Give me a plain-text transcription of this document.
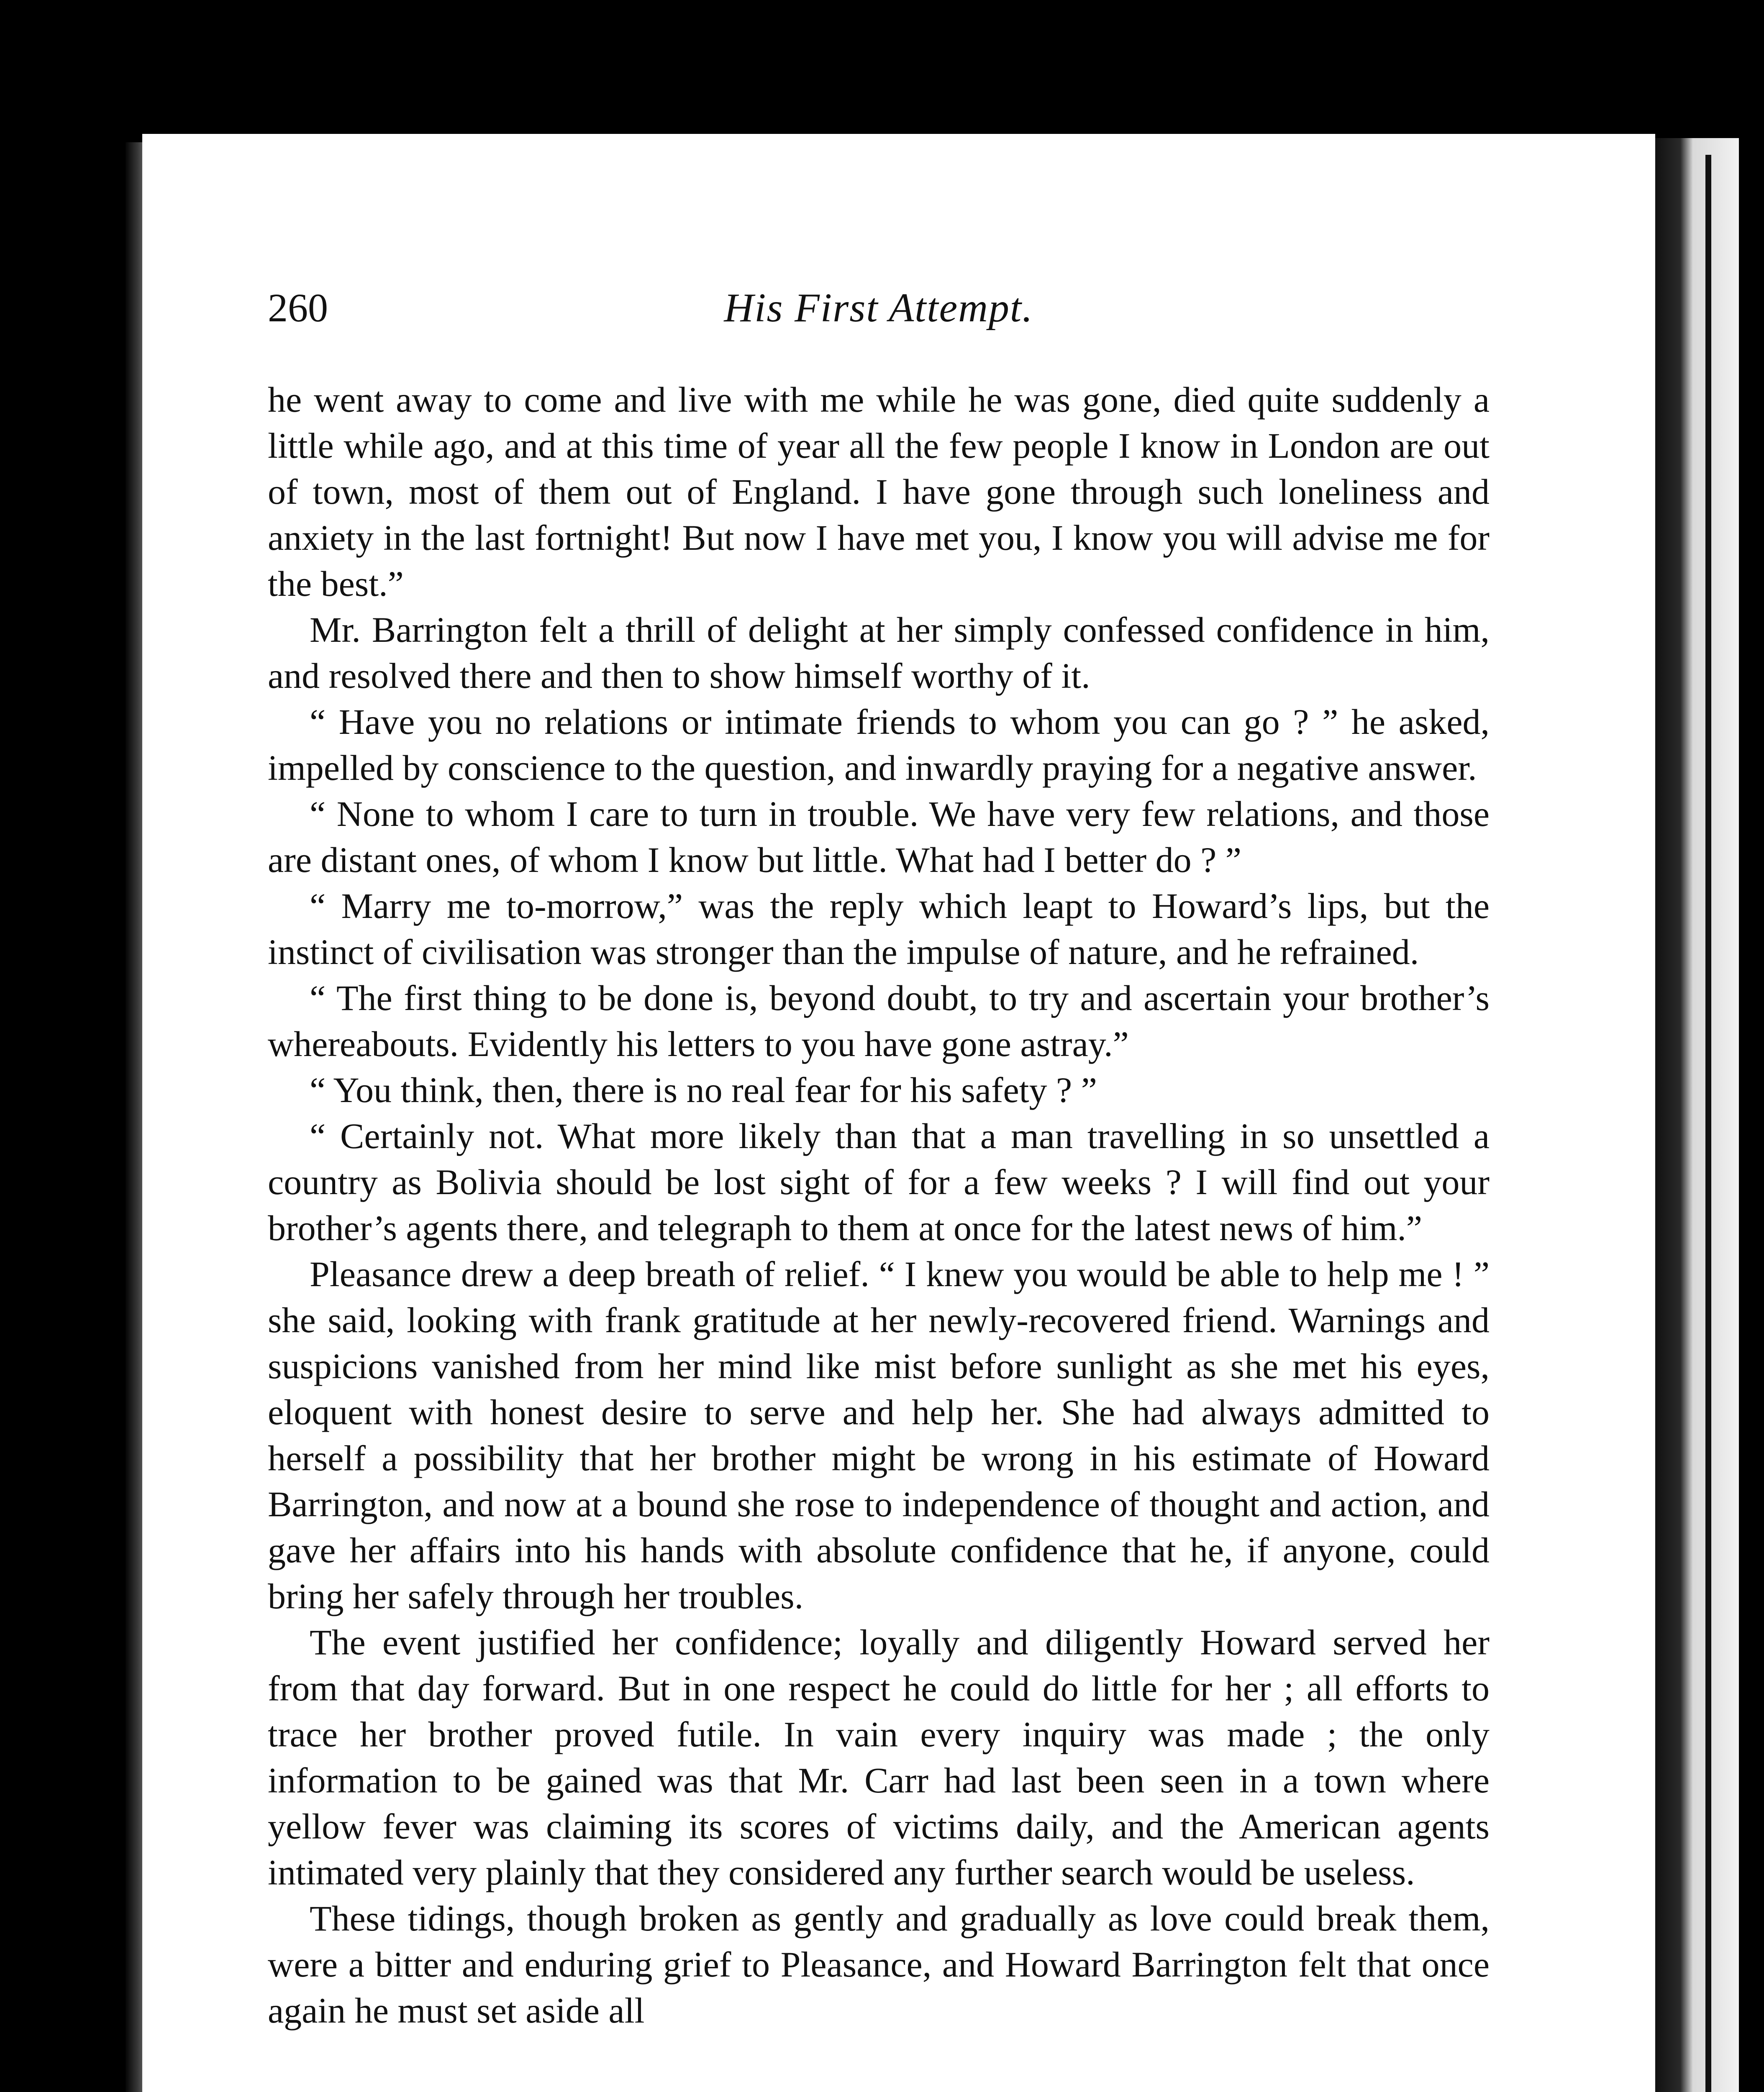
260	His First Attempt.

he went away to come and live with me while he was gone, died quite suddenly a little while ago, and at this time of year all the few people I know in London are out of town, most of them out of England. I have gone through such loneliness and anxiety in the last fortnight! But now I have met you, I know you will advise me for the best.”

Mr. Barrington felt a thrill of delight at her simply confessed confidence in him, and resolved there and then to show himself worthy of it.

“ Have you no relations or intimate friends to whom you can go ? ” he asked, impelled by conscience to the question, and inwardly praying for a negative answer.

“ None to whom I care to turn in trouble. We have very few relations, and those are distant ones, of whom I know but little. What had I better do ? ”

“ Marry me to-morrow,” was the reply which leapt to Howard’s lips, but the instinct of civilisation was stronger than the impulse of nature, and he refrained.

“ The first thing to be done is, beyond doubt, to try and ascertain your brother’s whereabouts. Evidently his letters to you have gone astray.”

“ You think, then, there is no real fear for his safety ? ”

“ Certainly not. What more likely than that a man travelling in so unsettled a country as Bolivia should be lost sight of for a few weeks ? I will find out your brother’s agents there, and telegraph to them at once for the latest news of him.”

Pleasance drew a deep breath of relief. “ I knew you would be able to help me ! ” she said, looking with frank gratitude at her newly-recovered friend. Warnings and suspicions vanished from her mind like mist before sunlight as she met his eyes, eloquent with honest desire to serve and help her. She had always admitted to herself a possibility that her brother might be wrong in his estimate of Howard Barrington, and now at a bound she rose to independence of thought and action, and gave her affairs into his hands with absolute confidence that he, if anyone, could bring her safely through her troubles.

The event justified her confidence; loyally and diligently Howard served her from that day forward. But in one respect he could do little for her ; all efforts to trace her brother proved futile. In vain every inquiry was made ; the only information to be gained was that Mr. Carr had last been seen in a town where yellow fever was claiming its scores of victims daily, and the American agents intimated very plainly that they considered any further search would be useless.

These tidings, though broken as gently and gradually as love could break them, were a bitter and enduring grief to Pleasance, and Howard Barrington felt that once again he must set aside all
